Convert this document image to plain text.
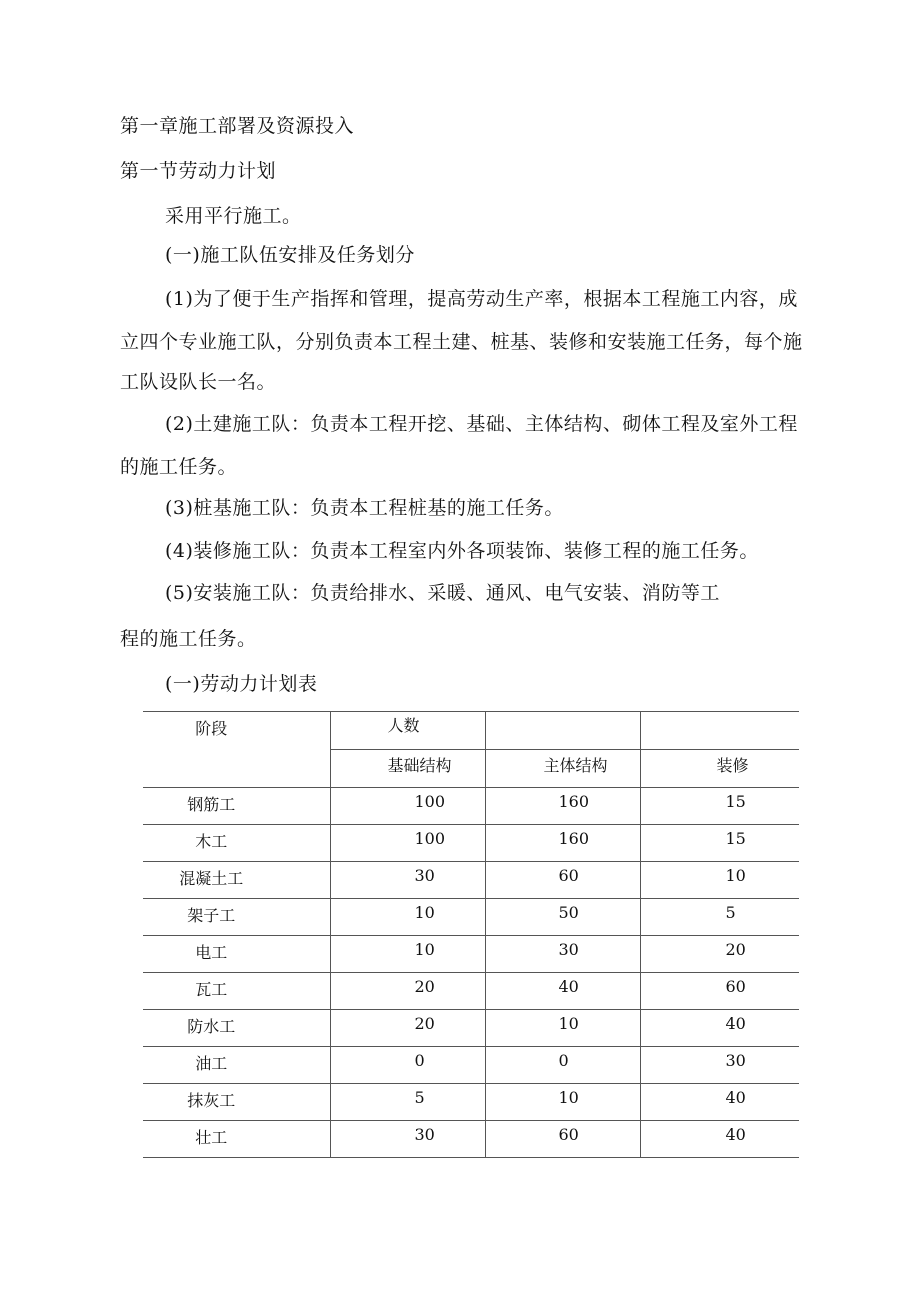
第一章施工部署及资源投入
第一节劳动力计划
采用平行施工。
(一)施工队伍安排及任务划分
(1)为了便于生产指挥和管理，提高劳动生产率，根据本工程施工内容，成
立四个专业施工队，分别负责本工程土建、桩基、装修和安装施工任务，每个施
工队设队长一名。
(2)土建施工队：负责本工程开挖、基础、主体结构、砌体工程及室外工程
的施工任务。
(3)桩基施工队：负责本工程桩基的施工任务。
(4)装修施工队：负责本工程室内外各项装饰、装修工程的施工任务。
(5)安装施工队：负责给排水、采暖、通风、电气安装、消防等工
程的施工任务。
(一)劳动力计划表
阶段	人数		

	基础结构	主体结构	装修

钢筋工	100	160	15

木工	100	160	15

混凝土工	30	60	10

架子工	10	50	5

电工	10	30	20

瓦工	20	40	60

防水工	20	10	40

油工	0	0	30

抹灰工	5	10	40

壮工	30	60	40
